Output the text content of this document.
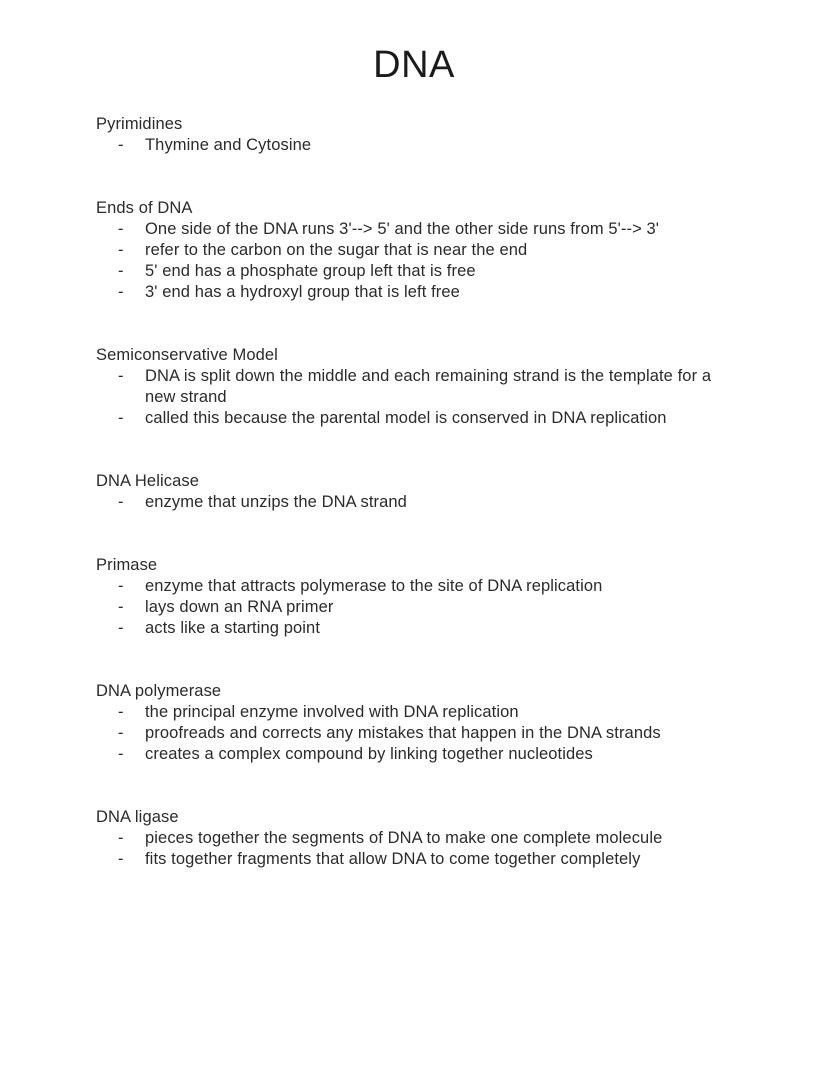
DNA
Pyrimidines
- Thymine and Cytosine
Ends of DNA
- One side of the DNA runs 3'--> 5' and the other side runs from 5'--> 3'
- refer to the carbon on the sugar that is near the end
- 5' end has a phosphate group left that is free
- 3' end has a hydroxyl group that is left free
Semiconservative Model
- DNA is split down the middle and each remaining strand is the template for a new strand
- called this because the parental model is conserved in DNA replication
DNA Helicase
- enzyme that unzips the DNA strand
Primase
- enzyme that attracts polymerase to the site of DNA replication
- lays down an RNA primer
- acts like a starting point
DNA polymerase
- the principal enzyme involved with DNA replication
- proofreads and corrects any mistakes that happen in the DNA strands
- creates a complex compound by linking together nucleotides
DNA ligase
- pieces together the segments of DNA to make one complete molecule
- fits together fragments that allow DNA to come together completely
